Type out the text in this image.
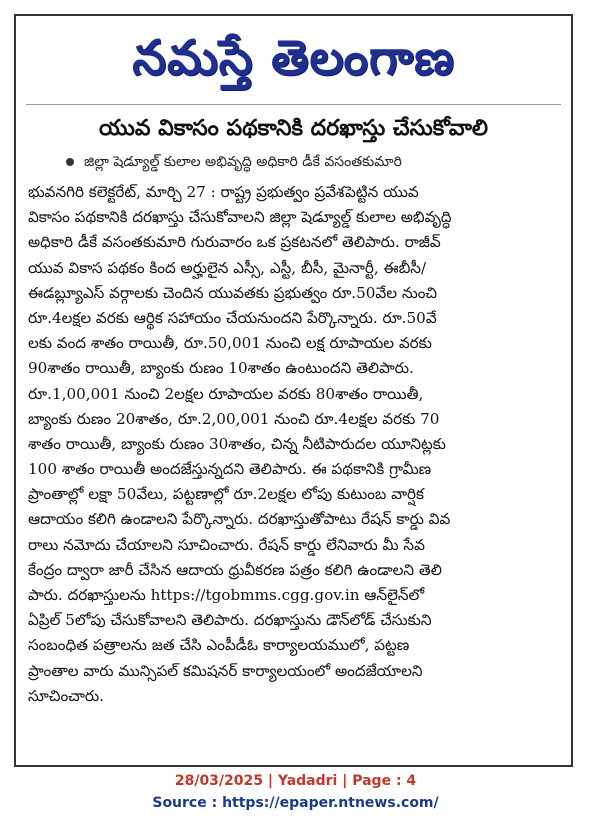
నమస్తే తెలంగాణ
యువ వికాసం పథకానికి దరఖాస్తు చేసుకోవాలి
జిల్లా షెడ్యూల్డ్ కులాల అభివృద్ధి అధికారి డీకే వసంతకుమారి
భువనగిరి కలెక్టరేట్, మార్చి 27 : రాష్ట్ర ప్రభుత్వం ప్రవేశపెట్టిన యువ
వికాసం పథకానికి దరఖాస్తు చేసుకోవాలని జిల్లా షెడ్యూల్డ్ కులాల అభివృద్ధి
అధికారి డీకే వసంతకుమారి గురువారం ఒక ప్రకటనలో తెలిపారు. రాజీవ్
యువ వికాస పథకం కింద అర్హులైన ఎస్సీ, ఎస్టీ, బీసీ, మైనార్టీ, ఈబీసీ/
ఈడబ్ల్యూఎస్ వర్గాలకు చెందిన యువతకు ప్రభుత్వం రూ.50వేల నుంచి
రూ.4లక్షల వరకు ఆర్థిక సహాయం చేయనుందని పేర్కొన్నారు. రూ.50వే
లకు వంద శాతం రాయితీ, రూ.50,001 నుంచి లక్ష రూపాయల వరకు
90శాతం రాయితీ, బ్యాంకు రుణం 10శాతం ఉంటుందని తెలిపారు.
రూ.1,00,001 నుంచి 2లక్షల రూపాయల వరకు 80శాతం రాయితీ,
బ్యాంకు రుణం 20శాతం, రూ.2,00,001 నుంచి రూ.4లక్షల వరకు 70
శాతం రాయితీ, బ్యాంకు రుణం 30శాతం, చిన్న నీటిపారుదల యూనిట్లకు
100 శాతం రాయితీ అందజేస్తున్నదని తెలిపారు. ఈ పథకానికి గ్రామీణ
ప్రాంతాల్లో లక్షా 50వేలు, పట్టణాల్లో రూ.2లక్షల లోపు కుటుంబ వార్షిక
ఆదాయం కలిగి ఉండాలని పేర్కొన్నారు. దరఖాస్తుతోపాటు రేషన్ కార్డు వివ
రాలు నమోదు చేయాలని సూచించారు. రేషన్ కార్డు లేనివారు మీ సేవ
కేంద్రం ద్వారా జారీ చేసిన ఆదాయ ధ్రువీకరణ పత్రం కలిగి ఉండాలని తెలి
పారు. దరఖాస్తులను https://tgobmms.cgg.gov.in ఆన్‌లైన్‌లో
ఏప్రిల్ 5లోపు చేసుకోవాలని తెలిపారు. దరఖాస్తును డౌన్‌లోడ్ చేసుకుని
సంబంధిత పత్రాలను జత చేసి ఎంపీడీఓ కార్యాలయములో, పట్టణ
ప్రాంతాల వారు మున్సిపల్ కమిషనర్ కార్యాలయంలో అందజేయాలని
సూచించారు.
28/03/2025 | Yadadri | Page : 4
Source : https://epaper.ntnews.com/
